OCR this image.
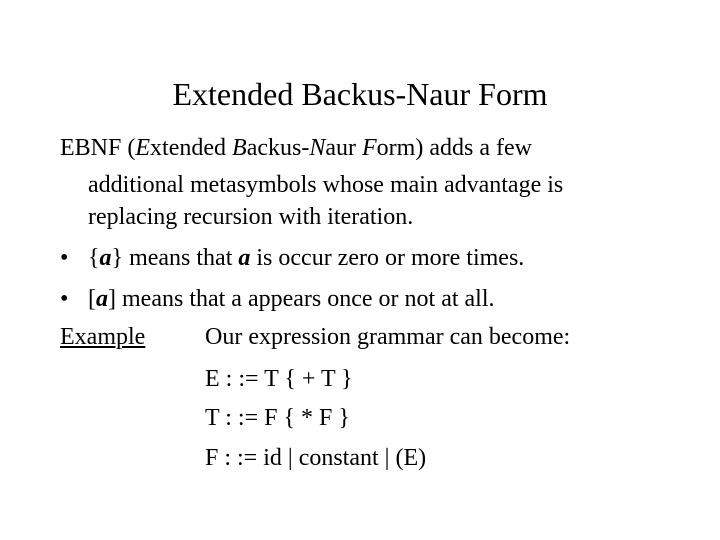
Extended Backus-Naur Form
EBNF (Extended Backus-Naur Form) adds a few
additional metasymbols whose main advantage is
replacing recursion with iteration.
• {a} means that a is occur zero or more times.
• [a] means that a appears once or not at all.
Example Our expression grammar can become:
E : := T { + T }
T : := F { * F }
F : := id | constant | (E)
